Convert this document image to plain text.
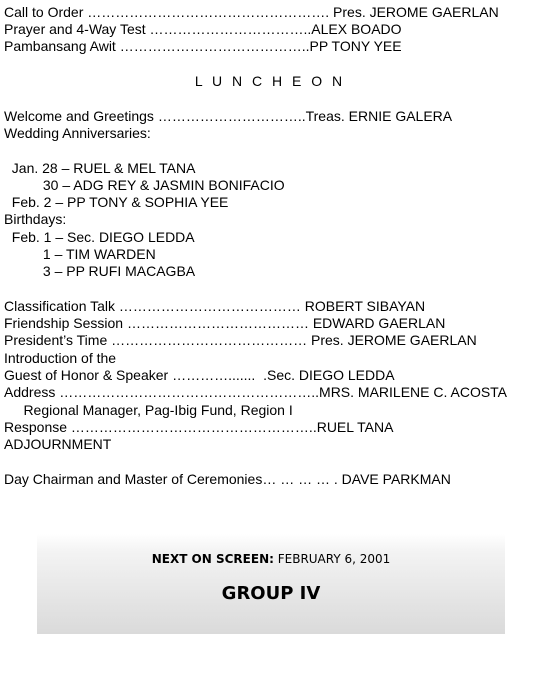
Call to Order ……………………………………………. Pres. JEROME GAERLAN
Prayer and 4-Way Test ……………………………..ALEX BOADO
Pambansang Awit …………………………………..PP TONY YEE
L U N C H E O N
Welcome and Greetings …………………………..Treas. ERNIE GALERA
Wedding Anniversaries:
Jan. 28 – RUEL & MEL TANA
30 – ADG REY & JASMIN BONIFACIO
Feb. 2 – PP TONY & SOPHIA YEE
Birthdays:
Feb. 1 – Sec. DIEGO LEDDA
1 – TIM WARDEN
3 – PP RUFI MACAGBA
Classification Talk ………………………………… ROBERT SIBAYAN
Friendship Session ………………………………… EDWARD GAERLAN
President’s Time …………………………………… Pres. JEROME GAERLAN
Introduction of the
Guest of Honor & Speaker ………….......  .Sec. DIEGO LEDDA
Address ………………………………………………..MRS. MARILENE C. ACOSTA
Regional Manager, Pag-Ibig Fund, Region I
Response ……………………………………………..RUEL TANA
ADJOURNMENT
Day Chairman and Master of Ceremonies… … … … . DAVE PARKMAN
NEXT ON SCREEN: FEBRUARY 6, 2001
GROUP IV
